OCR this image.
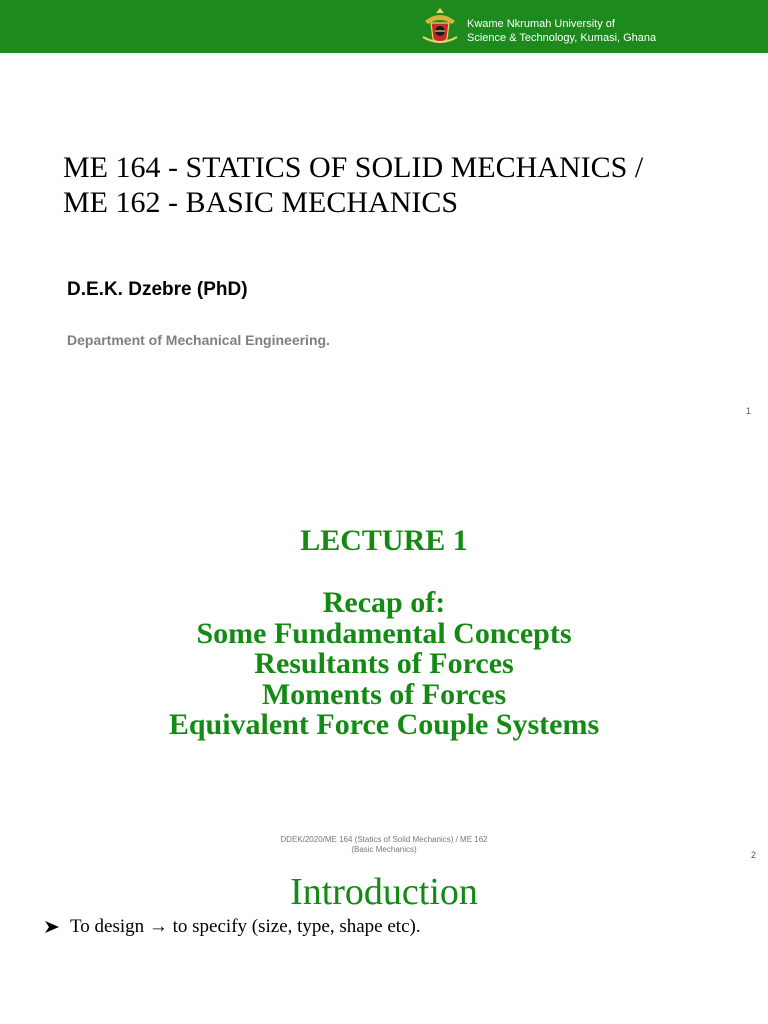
Kwame Nkrumah University of
Science & Technology, Kumasi, Ghana
ME 164 - STATICS OF SOLID MECHANICS /
ME 162 - BASIC MECHANICS
D.E.K. Dzebre (PhD)
Department of Mechanical Engineering.
1
LECTURE 1
Recap of:
Some Fundamental Concepts
Resultants of Forces
Moments of Forces
Equivalent Force Couple Systems
DDEK/2020/ME 164 (Statics of Solid Mechanics) / ME 162
(Basic Mechanics)
2
Introduction
To design → to specify (size, type, shape etc).
